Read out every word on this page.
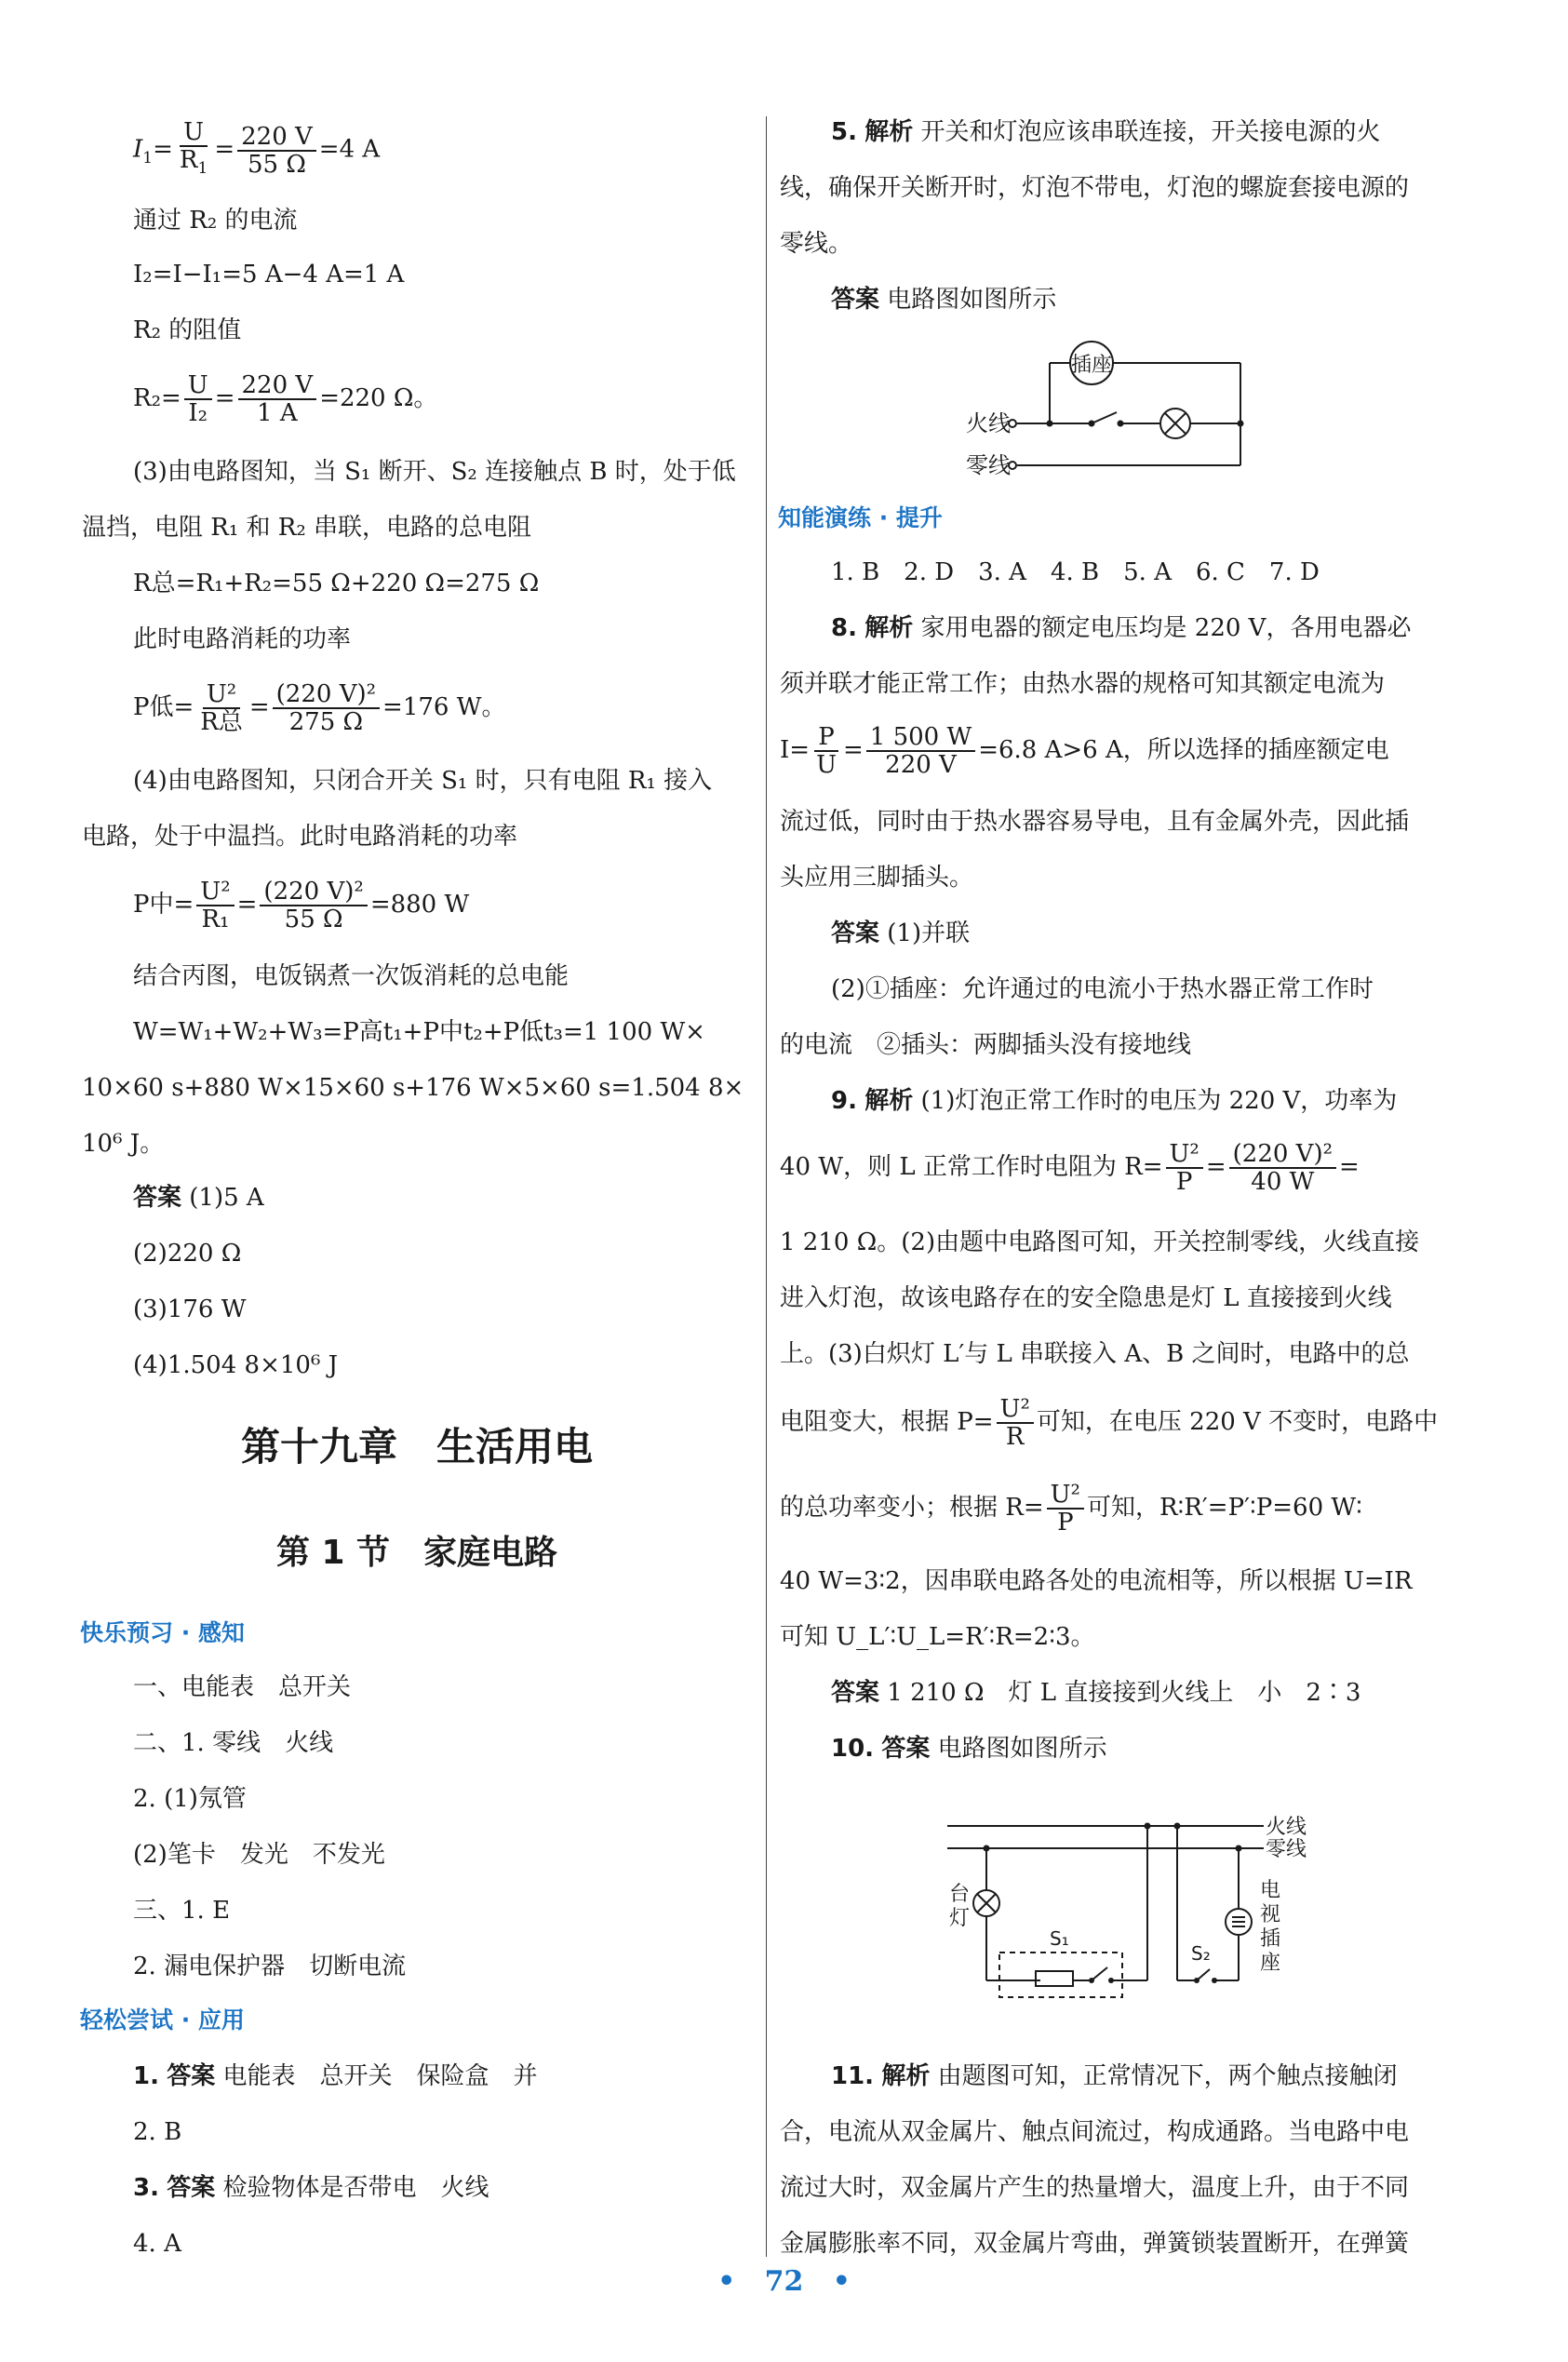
$I_1= \frac{U}{R_1} = \frac{220 V}{55 \Omega} =4$ A
通过 R₂ 的电流
I₂=I−I₁=5 A−4 A=1 A
R₂ 的阻值
$R_2= \frac{U}{\text{I₂}} = \frac{220 V}{1 A} =220$ Ω。
(3)由电路图知，当 S₁ 断开、S₂ 连接触点 B 时，处于低
温挡，电阻 R₁ 和 R₂ 串联，电路的总电阻
R总=R₁+R₂=55 Ω+220 Ω=275 Ω
此时电路消耗的功率
P低= $\frac{\text{U²}}{\text{R总}} = \frac{\text{(220 V)²}}{275 \Omega} =176$ W。
(4)由电路图知，只闭合开关 S₁ 时，只有电阻 R₁ 接入
电路，处于中温挡。此时电路消耗的功率
P中= $\frac{\text{U²}}{\text{R₁}} = \frac{\text{(220 V)²}}{55 \Omega} =880$ W
结合丙图，电饭锅煮一次饭消耗的总电能
W=W₁+W₂+W₃=P高t₁+P中t₂+P低t₃=1 100 W×
10×60 s+880 W×15×60 s+176 W×5×60 s=1.504 8×
10⁶ J。
答案 (1)5 A
(2)220 Ω
(3)176 W
(4)1.504 8×10⁶ J
第十九章　生活用电
第 1 节　家庭电路
快乐预习 · 感知
一、电能表　总开关
二、1. 零线　火线
2. (1)氖管
(2)笔卡　发光　不发光
三、1. E
2. 漏电保护器　切断电流
轻松尝试 · 应用
1. 答案 电能表　总开关　保险盒　并
2. B
3. 答案 检验物体是否带电　火线
4. A
5. 解析 开关和灯泡应该串联连接，开关接电源的火
线，确保开关断开时，灯泡不带电，灯泡的螺旋套接电源的
零线。
答案 电路图如图所示
插座
火线
零线
知能演练 · 提升
1. B　2. D　3. A　4. B　5. A　6. C　7. D
8. 解析 家用电器的额定电压均是 220 V，各用电器必
须并联才能正常工作；由热水器的规格可知其额定电流为
$I= \frac{P}{U} = \frac{1 500 W}{220 V} =6.8$ A>6 A，所以选择的插座额定电
流过低，同时由于热水器容易导电，且有金属外壳，因此插
头应用三脚插头。
答案 (1)并联
(2)①插座：允许通过的电流小于热水器正常工作时
的电流　②插头：两脚插头没有接地线
9. 解析 (1)灯泡正常工作时的电压为 220 V，功率为
40 W，则 L 正常工作时电阻为 $R= \frac{\text{U²}}{P} = \frac{\text{(220 V)²}}{40 W}$ =
1 210 Ω。(2)由题中电路图可知，开关控制零线，火线直接
进入灯泡，故该电路存在的安全隐患是灯 L 直接接到火线
上。(3)白炽灯 L′与 L 串联接入 A、B 之间时，电路中的总
电阻变大，根据 $P= \frac{\text{U²}}{R}$ 可知，在电压 220 V 不变时，电路中
的总功率变小；根据 $R= \frac{\text{U²}}{P}$ 可知，R∶R′=P′∶P=60 W∶
40 W=3∶2，因串联电路各处的电流相等，所以根据 U=IR
可知 U_L′∶U_L=R′∶R=2∶3。
答案 1 210 Ω　灯 L 直接接到火线上　小　2∶3
10. 答案 电路图如图所示
火线
零线
台
灯
S₁
S₂
电
视
插
座
11. 解析 由题图可知，正常情况下，两个触点接触闭
合，电流从双金属片、触点间流过，构成通路。当电路中电
流过大时，双金属片产生的热量增大，温度上升，由于不同
金属膨胀率不同，双金属片弯曲，弹簧锁装置断开，在弹簧
• 72 •
